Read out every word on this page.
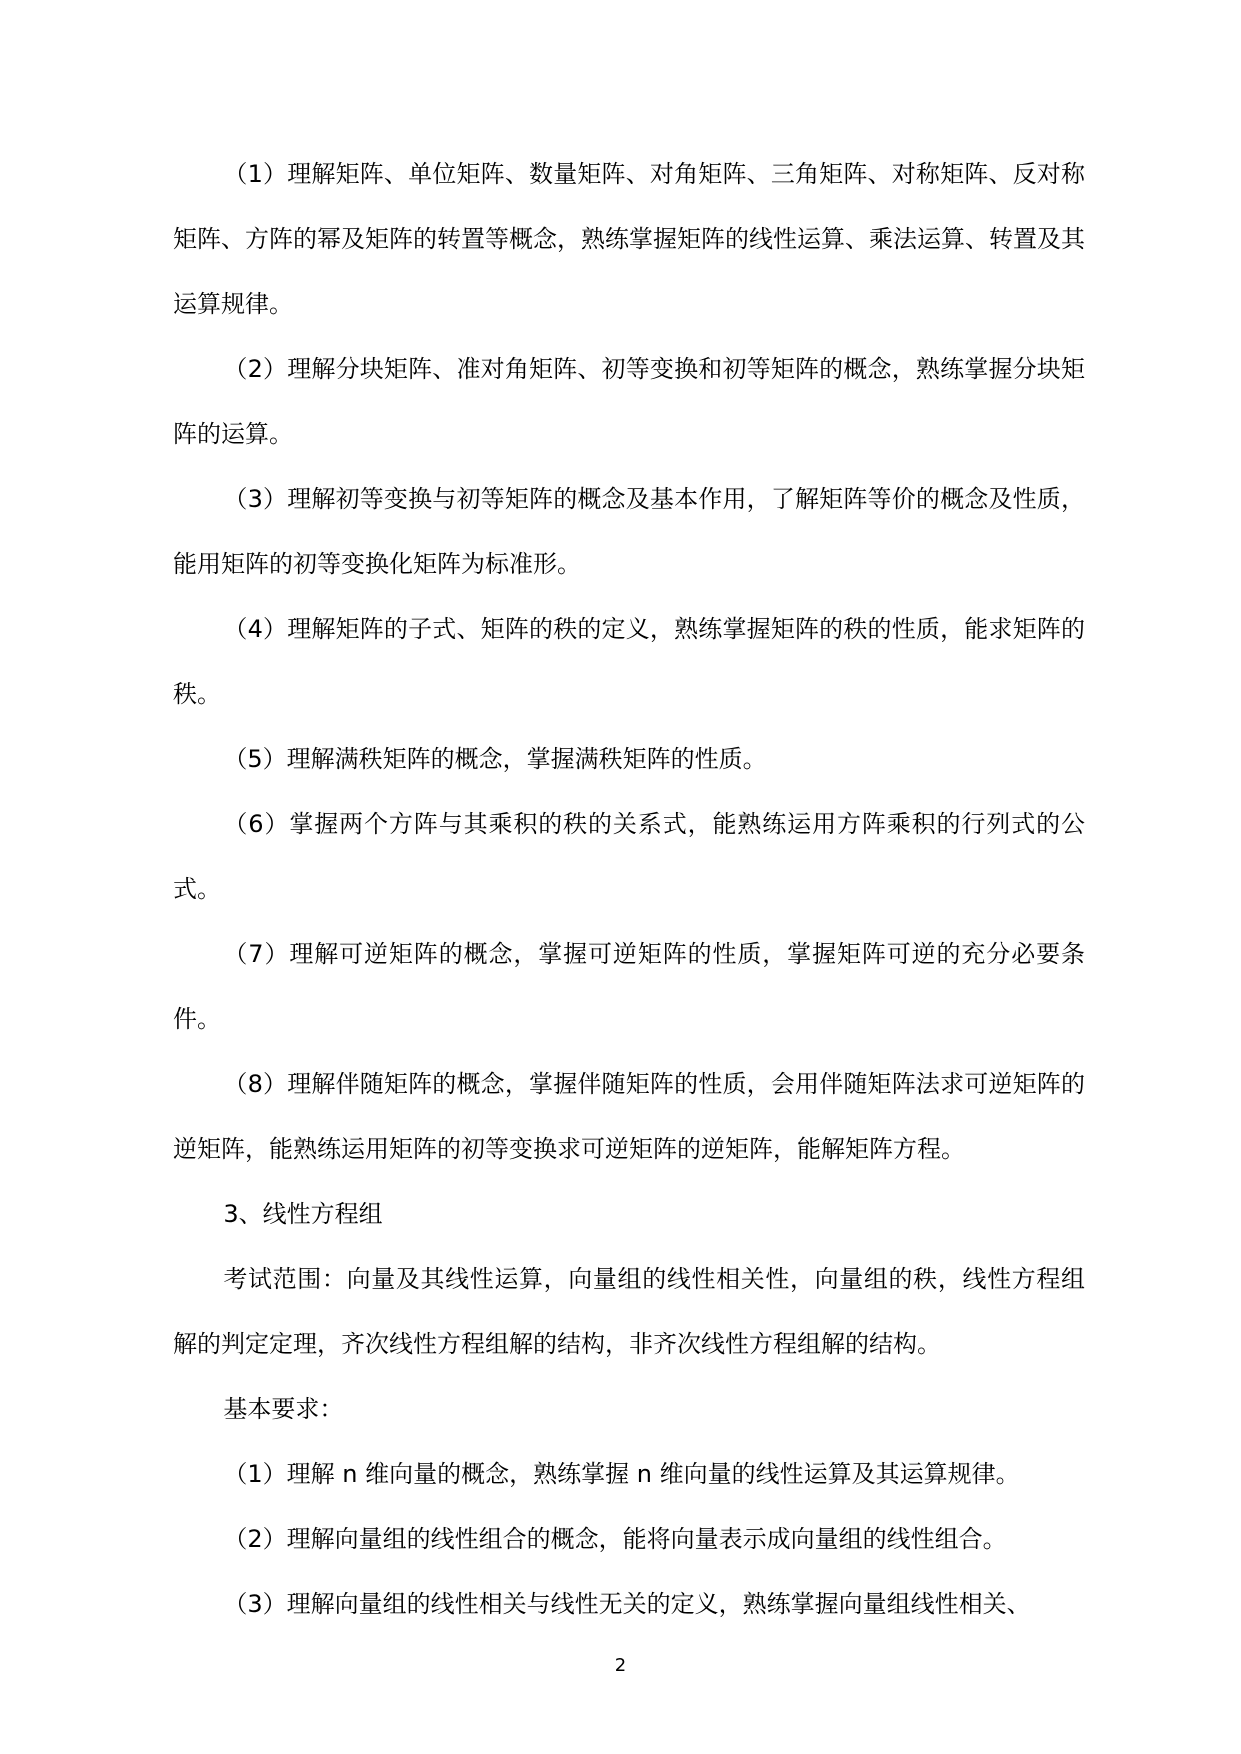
（1）理解矩阵、单位矩阵、数量矩阵、对角矩阵、三角矩阵、对称矩阵、反对称矩阵、方阵的幂及矩阵的转置等概念，熟练掌握矩阵的线性运算、乘法运算、转置及其运算规律。

（2）理解分块矩阵、准对角矩阵、初等变换和初等矩阵的概念，熟练掌握分块矩阵的运算。

（3）理解初等变换与初等矩阵的概念及基本作用，了解矩阵等价的概念及性质，能用矩阵的初等变换化矩阵为标准形。

（4）理解矩阵的子式、矩阵的秩的定义，熟练掌握矩阵的秩的性质，能求矩阵的秩。

（5）理解满秩矩阵的概念，掌握满秩矩阵的性质。

（6）掌握两个方阵与其乘积的秩的关系式，能熟练运用方阵乘积的行列式的公式。

（7）理解可逆矩阵的概念，掌握可逆矩阵的性质，掌握矩阵可逆的充分必要条件。

（8）理解伴随矩阵的概念，掌握伴随矩阵的性质，会用伴随矩阵法求可逆矩阵的逆矩阵，能熟练运用矩阵的初等变换求可逆矩阵的逆矩阵，能解矩阵方程。

3、线性方程组

考试范围：向量及其线性运算，向量组的线性相关性，向量组的秩，线性方程组解的判定定理，齐次线性方程组解的结构，非齐次线性方程组解的结构。

基本要求：

（1）理解 n 维向量的概念，熟练掌握 n 维向量的线性运算及其运算规律。

（2）理解向量组的线性组合的概念，能将向量表示成向量组的线性组合。

（3）理解向量组的线性相关与线性无关的定义，熟练掌握向量组线性相关、

2
